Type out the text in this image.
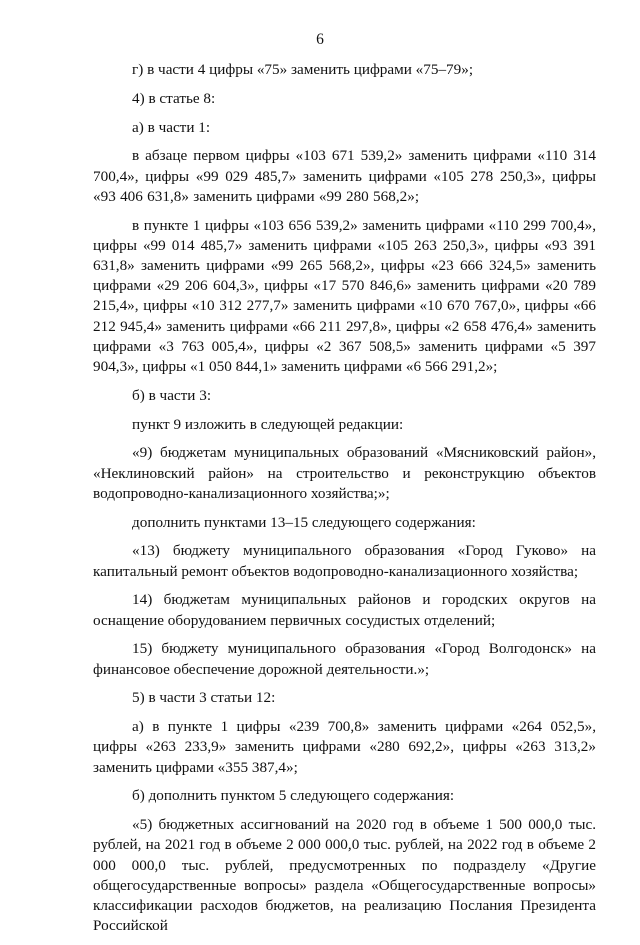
6

г) в части 4 цифры «75» заменить цифрами «75–79»;

4) в статье 8:

а) в части 1:

в абзаце первом цифры «103 671 539,2» заменить цифрами «110 314 700,4», цифры «99 029 485,7» заменить цифрами «105 278 250,3», цифры «93 406 631,8» заменить цифрами «99 280 568,2»;

в пункте 1 цифры «103 656 539,2» заменить цифрами «110 299 700,4», цифры «99 014 485,7» заменить цифрами «105 263 250,3», цифры «93 391 631,8» заменить цифрами «99 265 568,2», цифры «23 666 324,5» заменить цифрами «29 206 604,3», цифры «17 570 846,6» заменить цифрами «20 789 215,4», цифры «10 312 277,7» заменить цифрами «10 670 767,0», цифры «66 212 945,4» заменить цифрами «66 211 297,8», цифры «2 658 476,4» заменить цифрами «3 763 005,4», цифры «2 367 508,5» заменить цифрами «5 397 904,3», цифры «1 050 844,1» заменить цифрами «6 566 291,2»;

б) в части 3:

пункт 9 изложить в следующей редакции:

«9) бюджетам муниципальных образований «Мясниковский район», «Неклиновский район» на строительство и реконструкцию объектов водопроводно-канализационного хозяйства;»;

дополнить пунктами 13–15 следующего содержания:

«13) бюджету муниципального образования «Город Гуково» на капитальный ремонт объектов водопроводно-канализационного хозяйства;

14) бюджетам муниципальных районов и городских округов на оснащение оборудованием первичных сосудистых отделений;

15) бюджету муниципального образования «Город Волгодонск» на финансовое обеспечение дорожной деятельности.»;

5) в части 3 статьи 12:

а) в пункте 1 цифры «239 700,8» заменить цифрами «264 052,5», цифры «263 233,9» заменить цифрами «280 692,2», цифры «263 313,2» заменить цифрами «355 387,4»;

б) дополнить пунктом 5 следующего содержания:

«5) бюджетных ассигнований на 2020 год в объеме 1 500 000,0 тыс. рублей, на 2021 год в объеме 2 000 000,0 тыс. рублей, на 2022 год в объеме 2 000 000,0 тыс. рублей, предусмотренных по подразделу «Другие общегосударственные вопросы» раздела «Общегосударственные вопросы» классификации расходов бюджетов, на реализацию Послания Президента Российской
